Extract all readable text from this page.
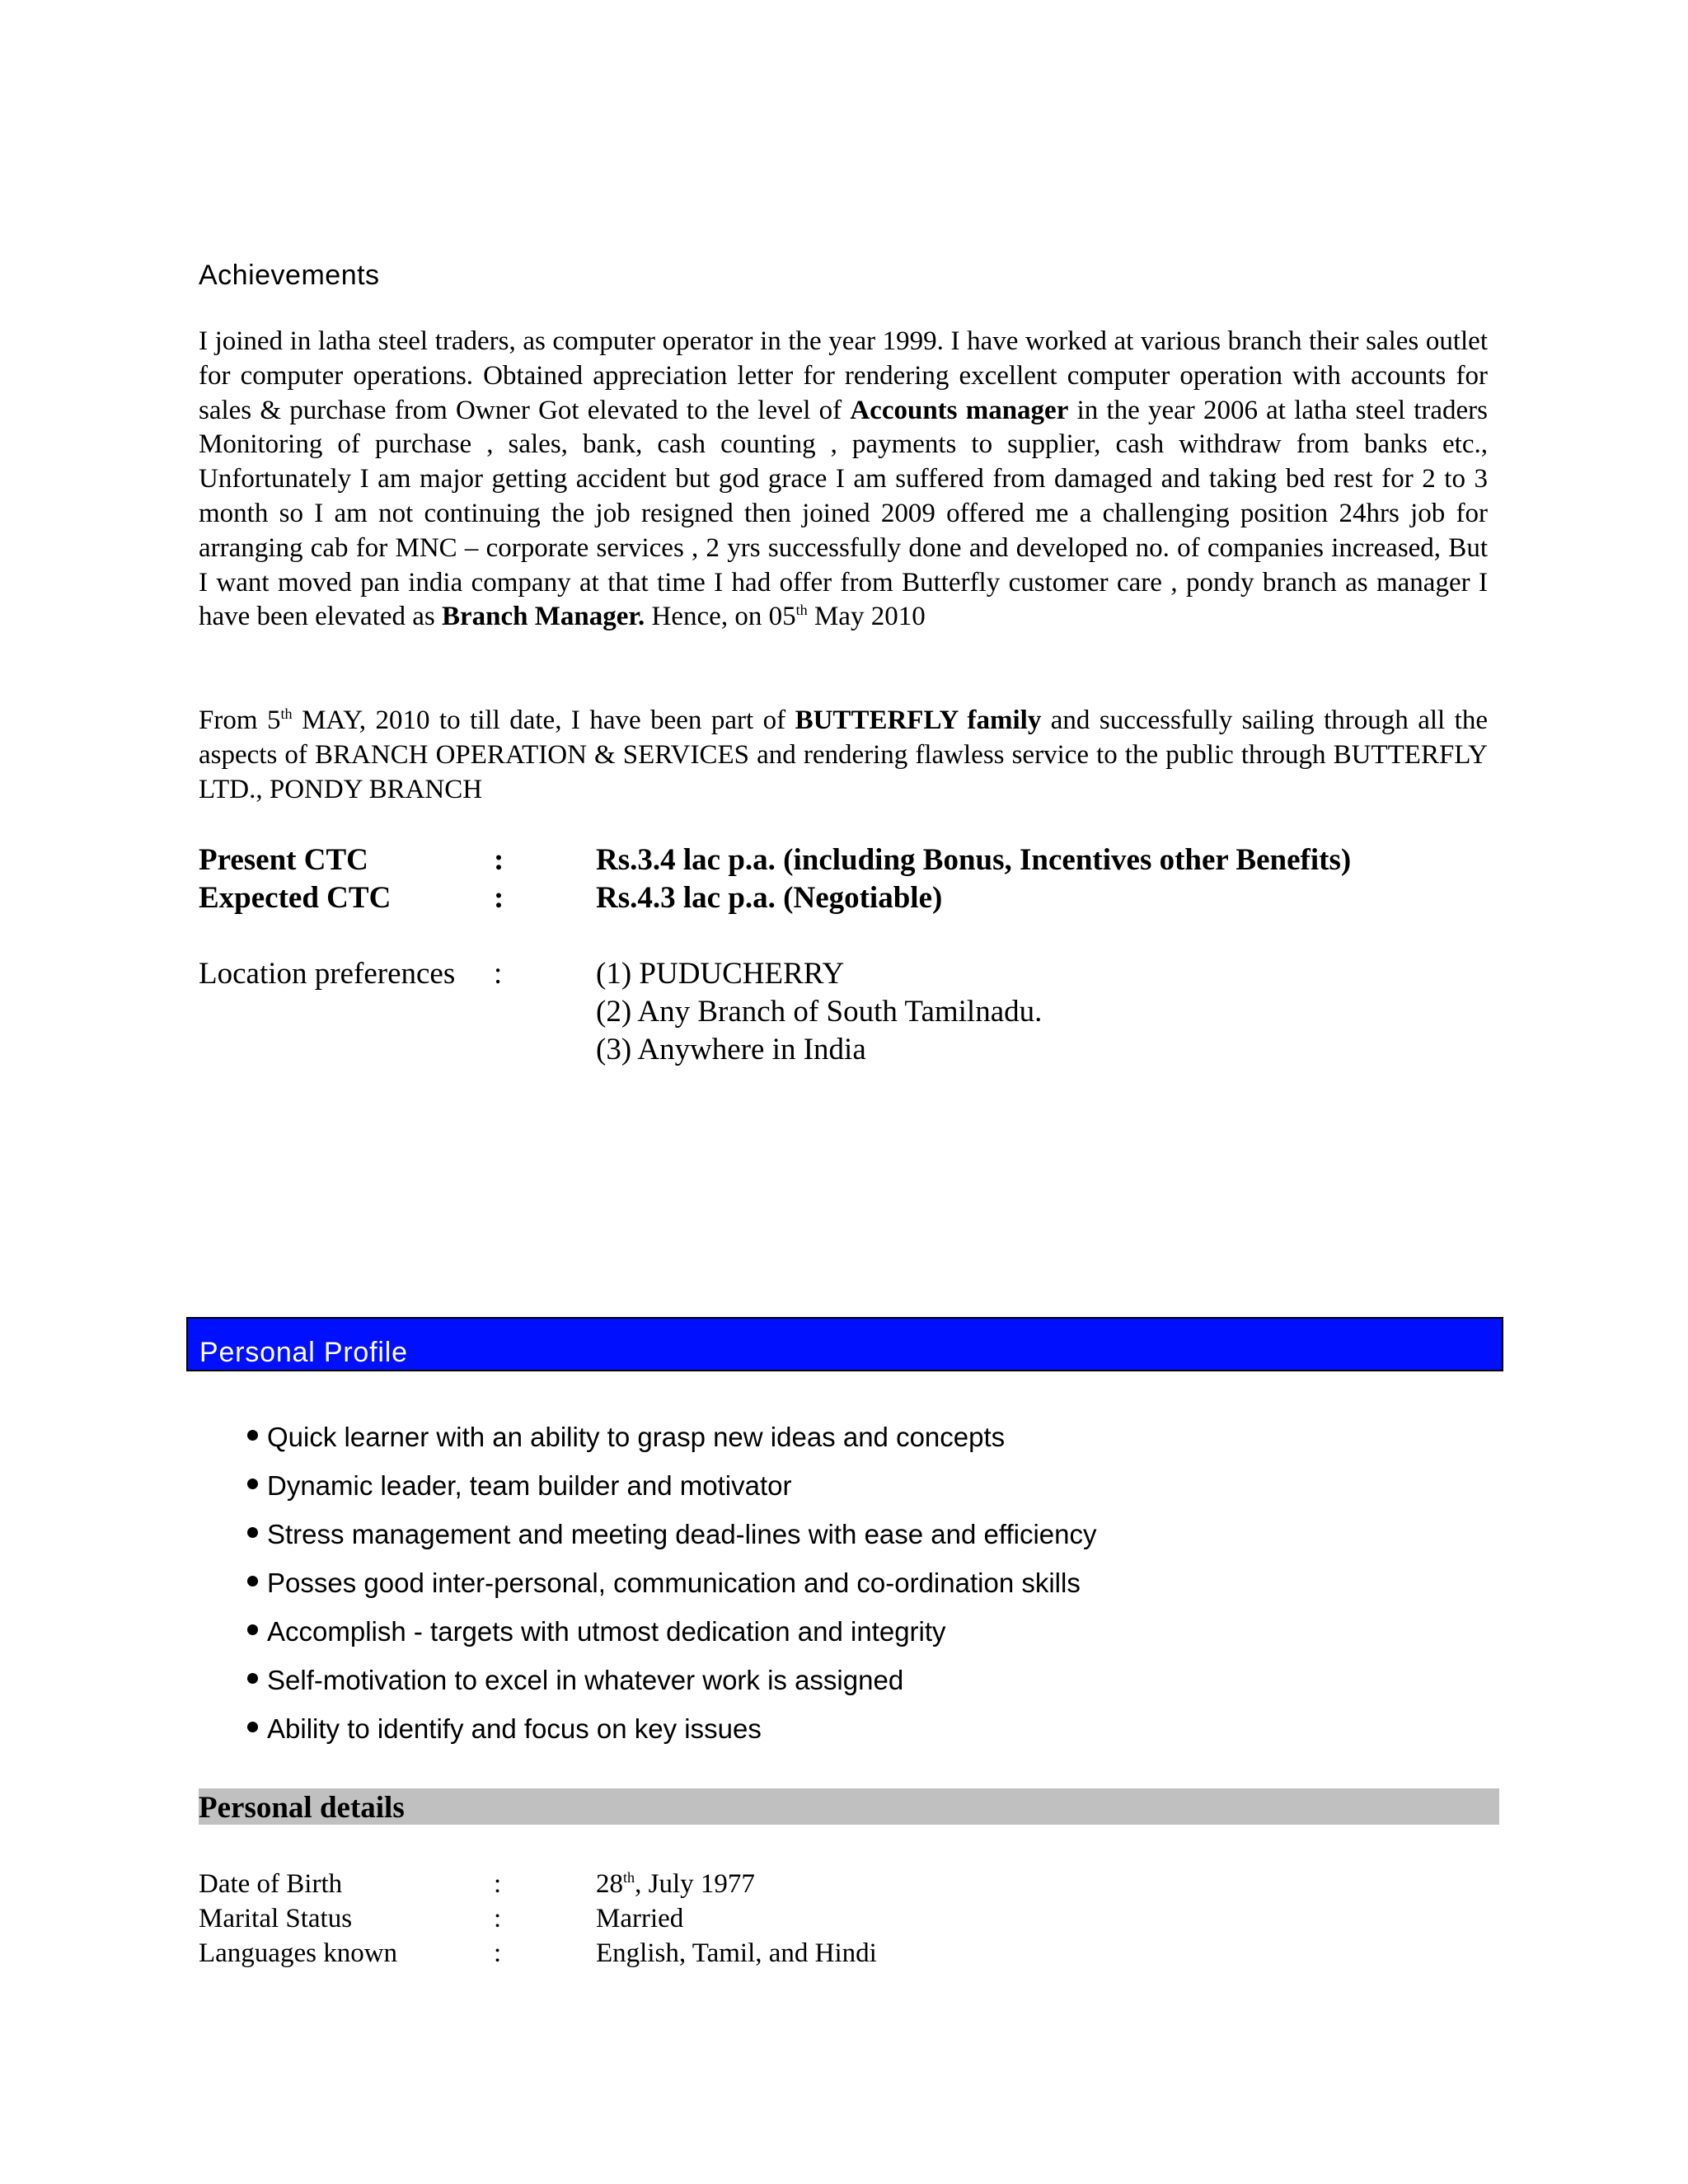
Achievements

I joined in latha steel traders, as computer operator in the year 1999. I have worked at various branch their sales outlet for computer operations. Obtained appreciation letter for rendering excellent computer operation with accounts for sales & purchase from Owner Got elevated to the level of Accounts manager in the year 2006 at latha steel traders Monitoring of purchase , sales, bank, cash counting , payments to supplier, cash withdraw from banks etc., Unfortunately I am major getting accident but god grace I am suffered from damaged and taking bed rest for 2 to 3 month so I am not continuing the job resigned then joined 2009 offered me a challenging position 24hrs job for arranging cab for MNC – corporate services , 2 yrs successfully done and developed no. of companies increased, But I want moved pan india company at that time I had offer from Butterfly customer care , pondy branch as manager I have been elevated as Branch Manager. Hence, on 05th May 2010

From 5th MAY, 2010 to till date, I have been part of BUTTERFLY family and successfully sailing through all the aspects of BRANCH OPERATION & SERVICES and rendering flawless service to the public through BUTTERFLY LTD., PONDY BRANCH

Present CTC	:	Rs.3.4 lac p.a. (including Bonus, Incentives other Benefits)
Expected CTC	:	Rs.4.3 lac p.a. (Negotiable)
Location preferences :	(1) PUDUCHERRY
(2) Any Branch of South Tamilnadu.
(3) Anywhere in India
Personal Profile
Quick learner with an ability to grasp new ideas and concepts
Dynamic leader, team builder and motivator
Stress management and meeting dead-lines with ease and efficiency
Posses good inter-personal, communication and co-ordination skills
Accomplish - targets with utmost dedication and integrity
Self-motivation to excel in whatever work is assigned
Ability to identify and focus on key issues
Personal details
Date of Birth	:	28th, July 1977
Marital Status	:	Married
Languages known	:	English, Tamil, and Hindi
